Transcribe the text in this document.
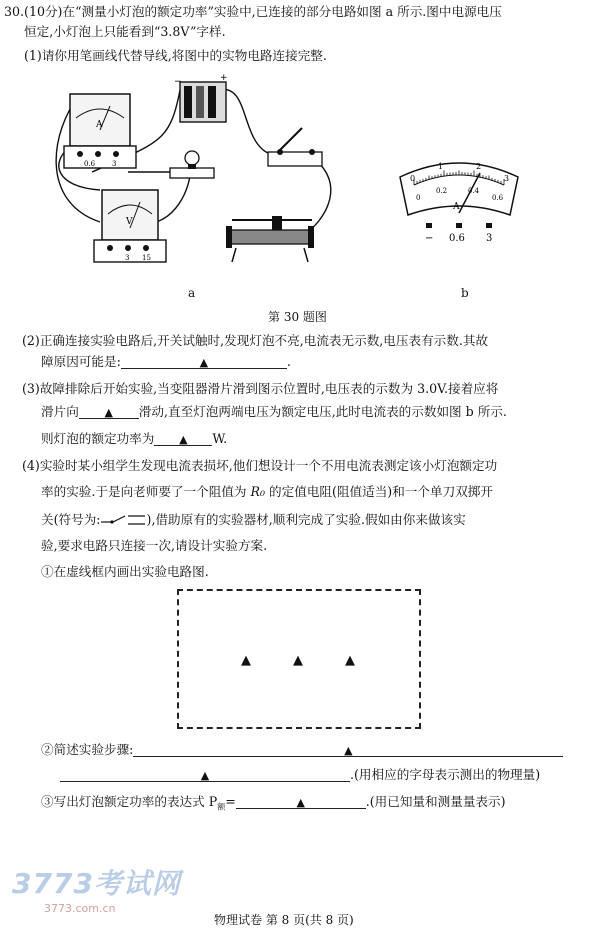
30.(10分)在“测量小灯泡的额定功率”实验中,已连接的部分电路如图 a 所示.图中电源电压
恒定,小灯泡上只能看到“3.8V”字样.
(1)请你用笔画线代替导线,将图中的实物电路连接完整.
A
0.6 3
−	+
V
3 15
0
1	2
3
0
0.2	0.4
0.6
A
− 0.6 3
a	b
第 30 题图
(2)正确连接实验电路后,开关试触时,发现灯泡不亮,电流表无示数,电压表有示数.其故
障原因可能是:	▲	.
(3)故障排除后开始实验,当变阻器滑片滑到图示位置时,电压表的示数为 3.0V.接着应将
滑片向 ▲ 滑动,直至灯泡两端电压为额定电压,此时电流表的示数如图 b 所示.
则灯泡的额定功率为 ▲ W.
(4)实验时某小组学生发现电流表损坏,他们想设计一个不用电流表测定该小灯泡额定功
率的实验.于是向老师要了一个阻值为 R₀ 的定值电阻(阻值适当)和一个单刀双掷开
关(符号为:	),借助原有的实验器材,顺利完成了实验.假如由你来做该实
验,要求电路只连接一次,请设计实验方案.
①在虚线框内画出实验电路图.
▲	▲	▲
②简述实验步骤:	▲
▲	.(用相应的字母表示测出的物理量)
③写出灯泡额定功率的表达式 $P_额=$	▲	.(用已知量和测量量表示)
3773考试网
3773.com.cn
物理试卷 第 8 页(共 8 页)
